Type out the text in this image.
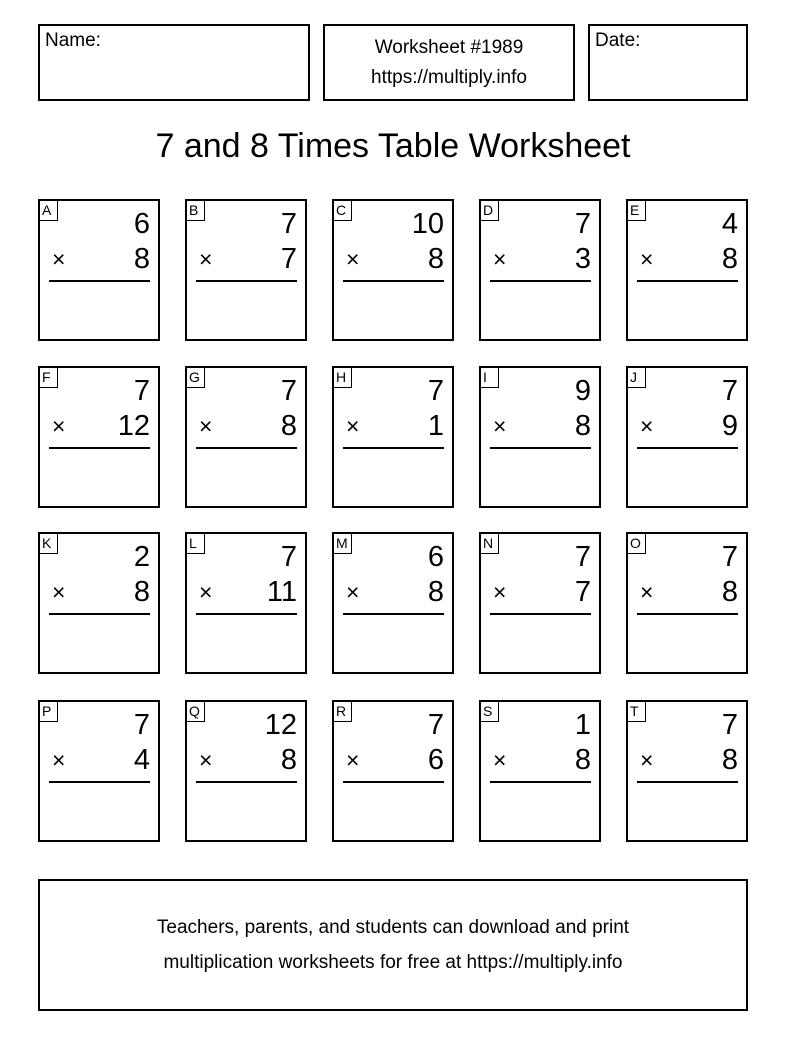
Name:	Worksheet #1989
https://multiply.info
Date:
7 and 8 Times Table Worksheet
A	6
× 8
B	7
× 7
C 10
× 8
D	7
× 3
E	4
× 8
F	7
× 12
G	7
× 8
H	7
× 1
I	9
× 8
J	7
× 9
K	2
× 8
L	7
× 11
M	6
× 8
N	7
× 7
O	7
× 8
P	7
× 4
Q 12
× 8
R	7
× 6
S	1
× 8
T	7
× 8
Teachers, parents, and students can download and print
multiplication worksheets for free at https://multiply.info
